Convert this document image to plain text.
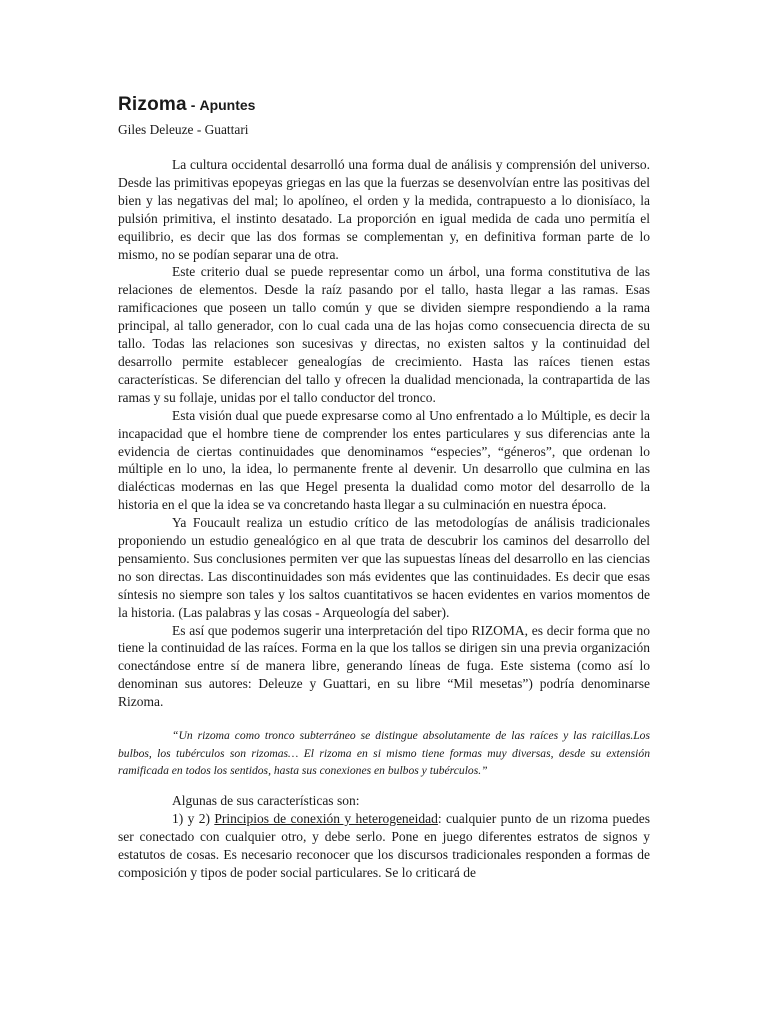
Rizoma - Apuntes
Giles Deleuze - Guattari

La cultura occidental desarrolló una forma dual de análisis y comprensión del universo. Desde las primitivas epopeyas griegas en las que la fuerzas se desenvolvían entre las positivas del bien y las negativas del mal; lo apolíneo, el orden y la medida, contrapuesto a lo dionisíaco, la pulsión primitiva, el instinto desatado. La proporción en igual medida de cada uno permitía el equilibrio, es decir que las dos formas se complementan y, en definitiva forman parte de lo mismo, no se podían separar una de otra.

Este criterio dual se puede representar como un árbol, una forma constitutiva de las relaciones de elementos. Desde la raíz pasando por el tallo, hasta llegar a las ramas. Esas ramificaciones que poseen un tallo común y que se dividen siempre respondiendo a la rama principal, al tallo generador, con lo cual cada una de las hojas como consecuencia directa de su tallo. Todas las relaciones son sucesivas y directas, no existen saltos y la continuidad del desarrollo permite establecer genealogías de crecimiento. Hasta las raíces tienen estas características. Se diferencian del tallo y ofrecen la dualidad mencionada, la contrapartida de las ramas y su follaje, unidas por el tallo conductor del tronco.

Esta visión dual que puede expresarse como al Uno enfrentado a lo Múltiple, es decir la incapacidad que el hombre tiene de comprender los entes particulares y sus diferencias ante la evidencia de ciertas continuidades que denominamos “especies”, “géneros”, que ordenan lo múltiple en lo uno, la idea, lo permanente frente al devenir. Un desarrollo que culmina en las dialécticas modernas en las que Hegel presenta la dualidad como motor del desarrollo de la historia en el que la idea se va concretando hasta llegar a su culminación en nuestra época.

Ya Foucault realiza un estudio crítico de las metodologías de análisis tradicionales proponiendo un estudio genealógico en al que trata de descubrir los caminos del desarrollo del pensamiento. Sus conclusiones permiten ver que las supuestas líneas del desarrollo en las ciencias no son directas. Las discontinuidades son más evidentes que las continuidades. Es decir que esas síntesis no siempre son tales y los saltos cuantitativos se hacen evidentes en varios momentos de la historia. (Las palabras y las cosas - Arqueología del saber).

Es así que podemos sugerir una interpretación del tipo RIZOMA, es decir forma que no tiene la continuidad de las raíces. Forma en la que los tallos se dirigen sin una previa organización conectándose entre sí de manera libre, generando líneas de fuga. Este sistema (como así lo denominan sus autores: Deleuze y Guattari, en su libre “Mil mesetas”) podría denominarse Rizoma.

“Un rizoma como tronco subterráneo se distingue absolutamente de las raíces y las raicillas.Los bulbos, los tubérculos son rizomas… El rizoma en si mismo tiene formas muy diversas, desde su extensión ramificada en todos los sentidos, hasta sus conexiones en bulbos y tubérculos.”

Algunas de sus características son:

1) y 2) Principios de conexión y heterogeneidad: cualquier punto de un rizoma puedes ser conectado con cualquier otro, y debe serlo. Pone en juego diferentes estratos de signos y estatutos de cosas. Es necesario reconocer que los discursos tradicionales responden a formas de composición y tipos de poder social particulares. Se lo criticará de
